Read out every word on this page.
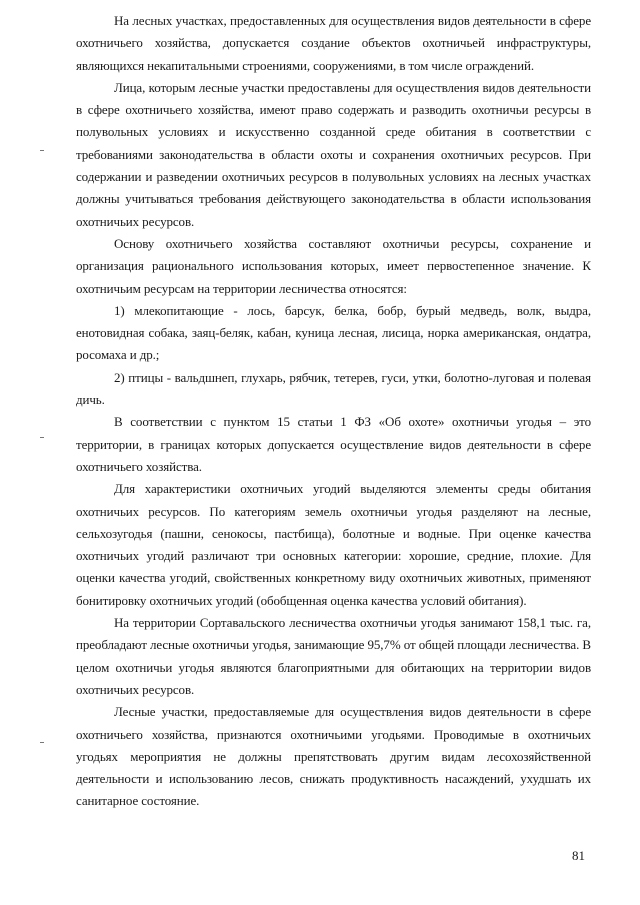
На лесных участках, предоставленных для осуществления видов деятельности в сфере охотничьего хозяйства, допускается создание объектов охотничьей инфраструктуры, являющихся некапитальными строениями, сооружениями, в том числе ограждений.

Лица, которым лесные участки предоставлены для осуществления видов деятельности в сфере охотничьего хозяйства, имеют право содержать и разводить охотничьи ресурсы в полувольных условиях и искусственно созданной среде обитания в соответствии с требованиями законодательства в области охоты и сохранения охотничьих ресурсов. При содержании и разведении охотничьих ресурсов в полувольных условиях на лесных участках должны учитываться требования действующего законодательства в области использования охотничьих ресурсов.

Основу охотничьего хозяйства составляют охотничьи ресурсы, сохранение и организация рационального использования которых, имеет первостепенное значение. К охотничьим ресурсам на территории лесничества относятся:

1) млекопитающие - лось, барсук, белка, бобр, бурый медведь, волк, выдра, енотовидная собака, заяц-беляк, кабан, куница лесная, лисица, норка американская, ондатра, росомаха и др.;

2) птицы - вальдшнеп, глухарь, рябчик, тетерев, гуси, утки, болотно-луговая и полевая дичь.

В соответствии с пунктом 15 статьи 1 ФЗ «Об охоте» охотничьи угодья – это территории, в границах которых допускается осуществление видов деятельности в сфере охотничьего хозяйства.

Для характеристики охотничьих угодий выделяются элементы среды обитания охотничьих ресурсов. По категориям земель охотничьи угодья разделяют на лесные, сельхозугодья (пашни, сенокосы, пастбища), болотные и водные. При оценке качества охотничьих угодий различают три основных категории: хорошие, средние, плохие. Для оценки качества угодий, свойственных конкретному виду охотничьих животных, применяют бонитировку охотничьих угодий (обобщенная оценка качества условий обитания).

На территории Сортавальского лесничества охотничьи угодья занимают 158,1 тыс. га, преобладают лесные охотничьи угодья, занимающие 95,7% от общей площади лесничества. В целом охотничьи угодья являются благоприятными для обитающих на территории видов охотничьих ресурсов.

Лесные участки, предоставляемые для осуществления видов деятельности в сфере охотничьего хозяйства, признаются охотничьими угодьями. Проводимые в охотничьих угодьях мероприятия не должны препятствовать другим видам лесохозяйственной деятельности и использованию лесов, снижать продуктивность насаждений, ухудшать их санитарное состояние.

81
